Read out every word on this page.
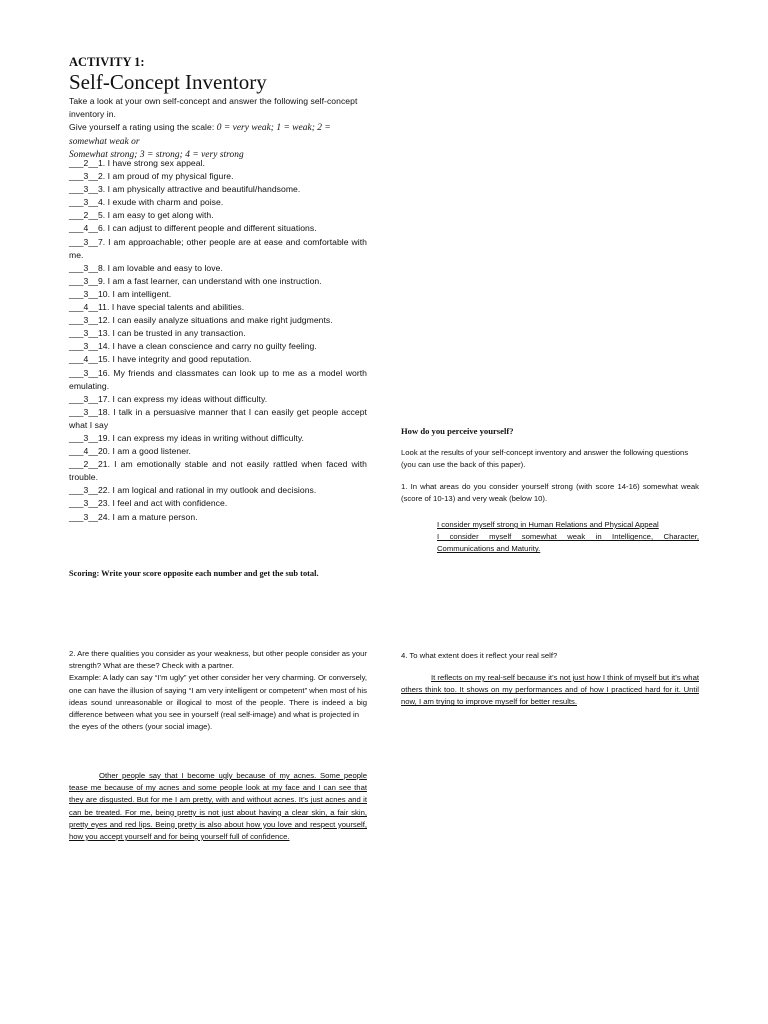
ACTIVITY 1:
Self-Concept Inventory
Take a look at your own self-concept and answer the following self-concept inventory in.
Give yourself a rating using the scale: 0 = very weak; 1 = weak; 2 = somewhat weak or
Somewhat strong; 3 = strong; 4 = very strong
___2__1. I have strong sex appeal.
___3__2. I am proud of my physical figure.
___3__3. I am physically attractive and beautiful/handsome.
___3__4. I exude with charm and poise.
___2__5. I am easy to get along with.
___4__6. I can adjust to different people and different situations.
___3__7. I am approachable; other people are at ease and comfortable with me.
___3__8. I am lovable and easy to love.
___3__9. I am a fast learner, can understand with one instruction.
___3__10. I am intelligent.
___4__11. I have special talents and abilities.
___3__12. I can easily analyze situations and make right judgments.
___3__13. I can be trusted in any transaction.
___3__14. I have a clean conscience and carry no guilty feeling.
___4__15. I have integrity and good reputation.
___3__16. My friends and classmates can look up to me as a model worth emulating.
___3__17. I can express my ideas without difficulty.
___3__18. I talk in a persuasive manner that I can easily get people accept what I say
___3__19. I can express my ideas in writing without difficulty.
___4__20. I am a good listener.
___2__21. I am emotionally stable and not easily rattled when faced with trouble.
___3__22. I am logical and rational in my outlook and decisions.
___3__23. I feel and act with confidence.
___3__24. I am a mature person.
Scoring: Write your score opposite each number and get the sub total.
2. Are there qualities you consider as your weakness, but other people consider as your strength? What are these? Check with a partner.
Example: A lady can say “I’m ugly” yet other consider her very charming. Or conversely, one can have the illusion of saying “I am very intelligent or competent” when most of his ideas sound unreasonable or illogical to most of the people. There is indeed a big difference between what you see in yourself (real self-image) and what is projected in
the eyes of the others (your social image).
Other people say that I become ugly because of my acnes. Some people tease me because of my acnes and some people look at my face and I can see that they are disgusted. But for me I am pretty, with and without acnes. It’s just acnes and it can be treated. For me, being pretty is not just about having a clear skin, a fair skin, pretty eyes and red lips. Being pretty is also about how you love and respect yourself, how you accept yourself and for being yourself full of confidence.
How do you perceive yourself?
Look at the results of your self-concept inventory and answer the following questions (you can use the back of this paper).
1. In what areas do you consider yourself strong (with score 14-16) somewhat weak (score of 10-13) and very weak (below 10).
I consider myself strong in Human Relations and Physical Appeal
I consider myself somewhat weak in Intelligence, Character, Communications and Maturity.
4. To what extent does it reflect your real self?
It reflects on my real-self because it’s not just how I think of myself but it’s what others think too. It shows on my performances and of how I practiced hard for it. Until now, I am trying to improve myself for better results.
